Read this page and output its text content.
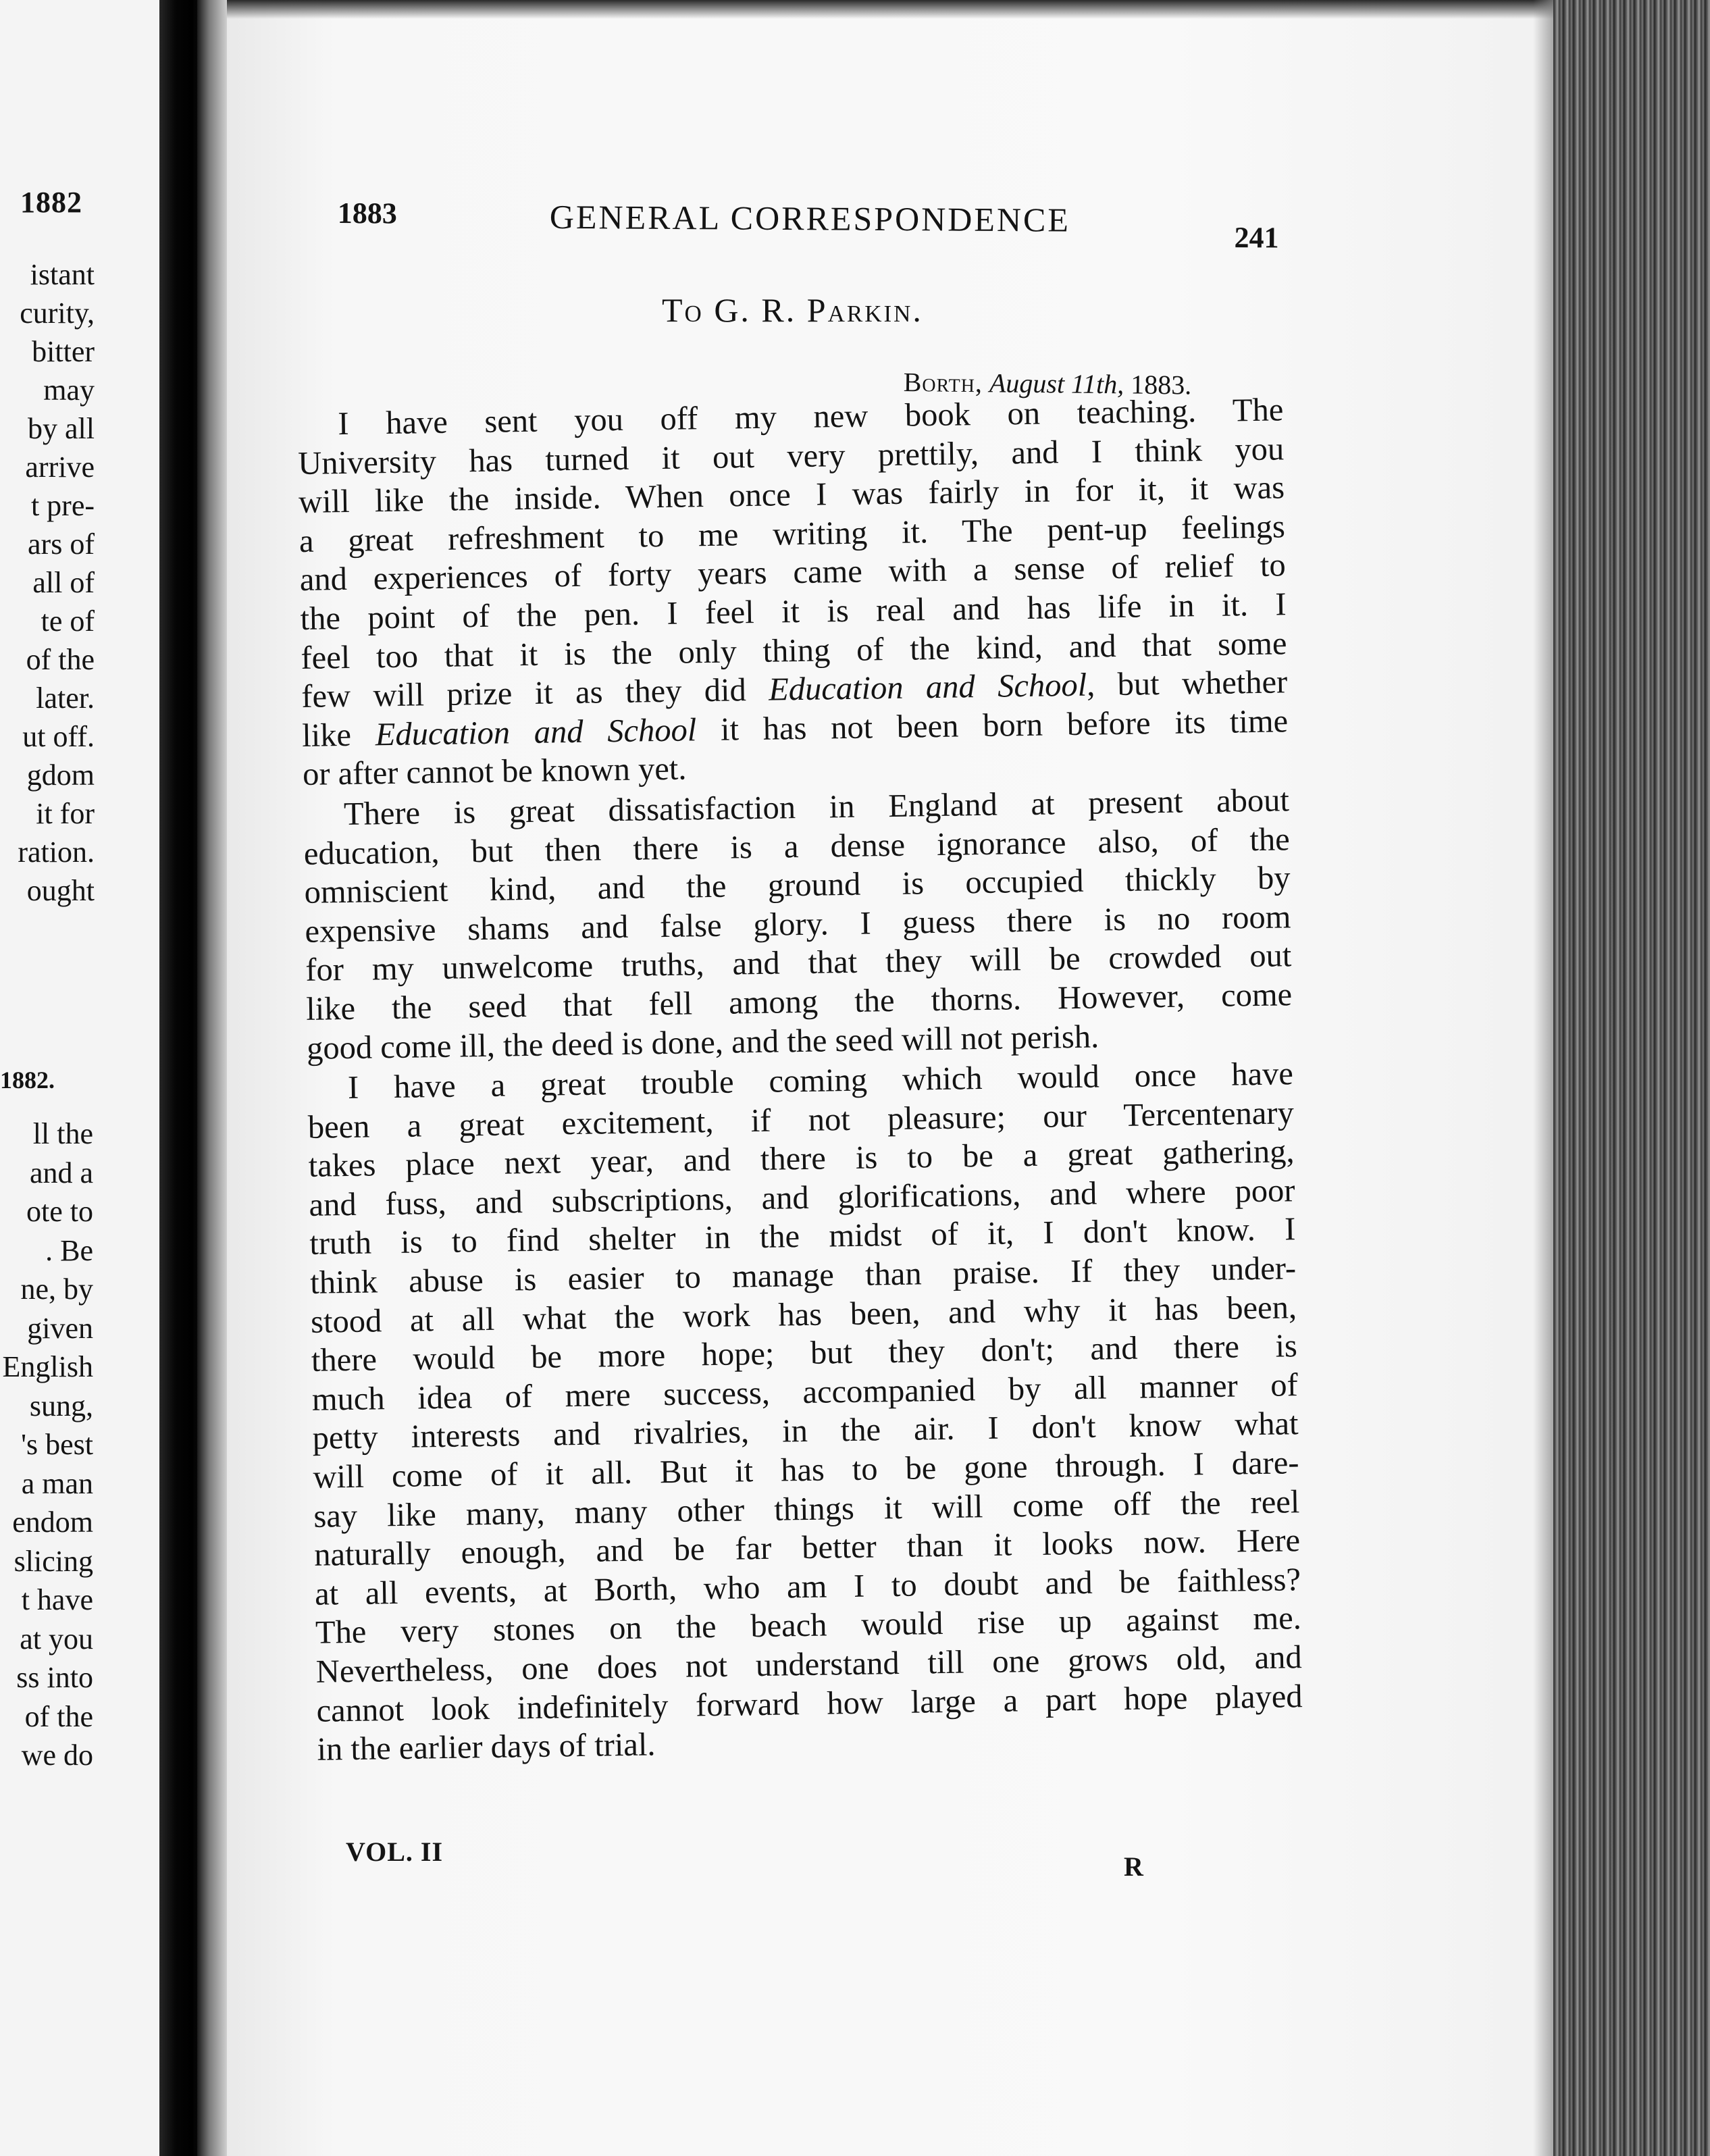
1882
istant
curity,
bitter
may
by all
arrive
t pre-
ars of
all of
te of
of the
later.
ut off.
gdom
it for
ration.
ought
1882.
ll the
and a
ote to
. Be
ne, by
given
English
sung,
's best
a man
endom
slicing
t have
at you
ss into
of the
we do
1883	GENERAL CORRESPONDENCE	241
To G. R. Parkin.
Borth, August 11th, 1883.
I have sent you off my new book on teaching. The
University has turned it out very prettily, and I think you
will like the inside. When once I was fairly in for it, it was
a great refreshment to me writing it. The pent-up feelings
and experiences of forty years came with a sense of relief to
the point of the pen. I feel it is real and has life in it. I
feel too that it is the only thing of the kind, and that some
few will prize it as they did Education and School, but whether
like Education and School it has not been born before its time
or after cannot be known yet.
There is great dissatisfaction in England at present about
education, but then there is a dense ignorance also, of the
omniscient kind, and the ground is occupied thickly by
expensive shams and false glory. I guess there is no room
for my unwelcome truths, and that they will be crowded out
like the seed that fell among the thorns. However, come
good come ill, the deed is done, and the seed will not perish.
I have a great trouble coming which would once have
been a great excitement, if not pleasure; our Tercentenary
takes place next year, and there is to be a great gathering,
and fuss, and subscriptions, and glorifications, and where poor
truth is to find shelter in the midst of it, I don't know. I
think abuse is easier to manage than praise. If they under-
stood at all what the work has been, and why it has been,
there would be more hope; but they don't; and there is
much idea of mere success, accompanied by all manner of
petty interests and rivalries, in the air. I don't know what
will come of it all. But it has to be gone through. I dare-
say like many, many other things it will come off the reel
naturally enough, and be far better than it looks now. Here
at all events, at Borth, who am I to doubt and be faithless?
The very stones on the beach would rise up against me.
Nevertheless, one does not understand till one grows old, and
cannot look indefinitely forward how large a part hope played
in the earlier days of trial.
VOL. II	R
